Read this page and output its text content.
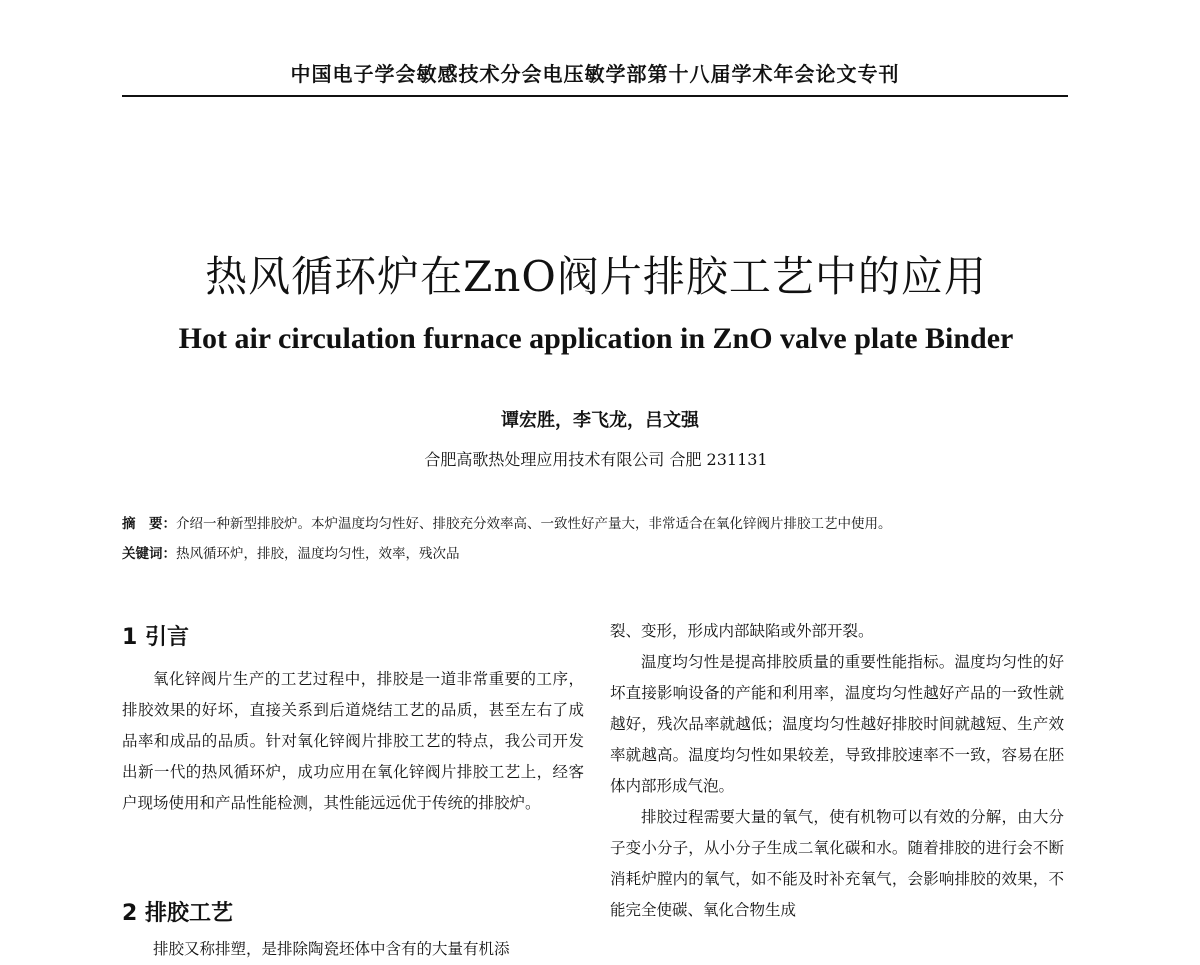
中国电子学会敏感技术分会电压敏学部第十八届学术年会论文专刊
热风循环炉在ZnO阀片排胶工艺中的应用
Hot air circulation furnace application in ZnO valve plate Binder
谭宏胜，李飞龙，吕文强
合肥高歌热处理应用技术有限公司 合肥 231131
摘　要：介绍一种新型排胶炉。本炉温度均匀性好、排胶充分效率高、一致性好产量大，非常适合在氧化锌阀片排胶工艺中使用。
关键词：热风循环炉，排胶，温度均匀性，效率，残次品
1 引言

氧化锌阀片生产的工艺过程中，排胶是一道非常重要的工序，排胶效果的好坏，直接关系到后道烧结工艺的品质，甚至左右了成品率和成品的品质。针对氧化锌阀片排胶工艺的特点，我公司开发出新一代的热风循环炉，成功应用在氧化锌阀片排胶工艺上，经客户现场使用和产品性能检测，其性能远远优于传统的排胶炉。

2 排胶工艺

排胶又称排塑，是排除陶瓷坯体中含有的大量有机添

裂、变形，形成内部缺陷或外部开裂。

温度均匀性是提高排胶质量的重要性能指标。温度均匀性的好坏直接影响设备的产能和利用率，温度均匀性越好产品的一致性就越好，残次品率就越低；温度均匀性越好排胶时间就越短、生产效率就越高。温度均匀性如果较差，导致排胶速率不一致，容易在胚体内部形成气泡。

排胶过程需要大量的氧气，使有机物可以有效的分解，由大分子变小分子，从小分子生成二氧化碳和水。随着排胶的进行会不断消耗炉膛内的氧气，如不能及时补充氧气，会影响排胶的效果，不能完全使碳、氧化合物生成
